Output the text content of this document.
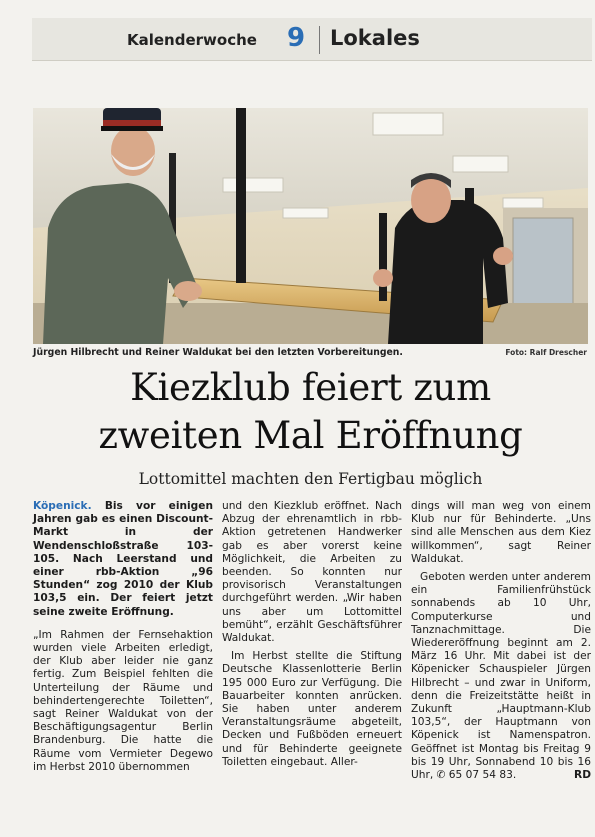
Kalenderwoche 9 Lokales
Jürgen Hilbrecht und Reiner Waldukat bei den letzten Vorbereitungen.	Foto: Ralf Drescher
Kiezklub feiert zum
zweiten Mal Eröffnung
Lottomittel machten den Fertigbau möglich

Köpenick. Bis vor einigen Jahren gab es einen Discount-Markt in der Wendenschloßstraße 103-105. Nach Leerstand und einer rbb-Aktion „96 Stunden“ zog 2010 der Klub 103,5 ein. Der feiert jetzt seine zweite Eröffnung.

„Im Rahmen der Fernsehaktion wurden viele Arbeiten erledigt, der Klub aber leider nie ganz fertig. Zum Beispiel fehlten die Unterteilung der Räume und behindertengerechte Toiletten“, sagt Reiner Waldukat von der Beschäftigungsagentur Berlin Brandenburg. Die hatte die Räume vom Vermieter Degewo im Herbst 2010 übernommen

und den Kiezklub eröffnet. Nach Abzug der ehrenamtlich in rbb-Aktion getretenen Handwerker gab es aber vorerst keine Möglichkeit, die Arbeiten zu beenden. So konnten nur provisorisch Veranstaltungen durchgeführt werden. „Wir haben uns aber um Lottomittel bemüht“, erzählt Geschäftsführer Waldukat.

Im Herbst stellte die Stiftung Deutsche Klassenlotterie Berlin 195 000 Euro zur Verfügung. Die Bauarbeiter konnten anrücken. Sie haben unter anderem Veranstaltungsräume abgeteilt, Decken und Fußböden erneuert und für Behinderte geeignete Toiletten eingebaut. Aller-

dings will man weg von einem Klub nur für Behinderte. „Uns sind alle Menschen aus dem Kiez willkommen“, sagt Reiner Waldukat.

Geboten werden unter anderem ein Familienfrühstück sonnabends ab 10 Uhr, Computerkurse und Tanznachmittage. Die Wiedereröffnung beginnt am 2. März 16 Uhr. Mit dabei ist der Köpenicker Schauspieler Jürgen Hilbrecht – und zwar in Uniform, denn die Freizeitstätte heißt in Zukunft „Hauptmann-Klub 103,5“, der Hauptmann von Köpenick ist Namenspatron. Geöffnet ist Montag bis Freitag 9 bis 19 Uhr, Sonnabend 10 bis 16 Uhr, ✆ 65 07 54 83.	RD
